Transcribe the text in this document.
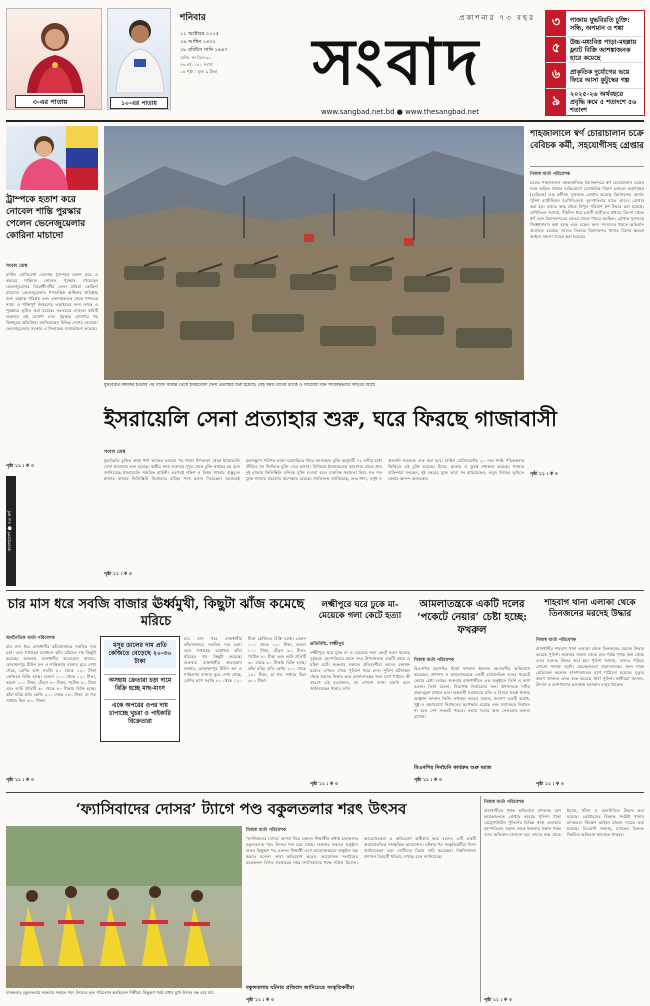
৩-এর পাতায়	১০-এর পাতায়
শনিবার
১১ অক্টোবর ২০২৫
২৬ আশ্বিন ১৪৩২
১৮ রবিউস সানি ১৪৪৭
রেজি. নং ডিএ-৯১
৭৬ বর্ষ, ১৮১ সংখ্যা
১৬ পৃষ্ঠা : মূল্য ৯ টাকা
প্রকাশনার ৭৩ বছর
সংবাদ
www.sangbad.net.bd ● www.thesangbad.net
৩	গাজায় যুদ্ধবিরতি চুক্তি: সন্ধি, অপমান ও শঙ্কা
৫	উচ্চ-মধ্যবিত্ত পাড়া-মহল্লায় ফ্ল্যাট বিক্রি আশঙ্কাজনক হারে কমেছে
৬	প্রাকৃতিক দুর্যোগের ভয়ে ফিরে আসা কুটুম্বের গল্প
৯	২০২৫-২৬ অর্থবছরে প্রবৃদ্ধি কমে ৫ শতাংশে ৫৬ শতাংশ
ট্রাম্পকে হতাশ করে নোবেল শান্তি পুরস্কার পেলেন ভেনেজুয়েলার কোরিনা মাচাদো
সংবাদ ডেস্ক
মার্কিন প্রেসিডেন্ট ডোনাল্ড ট্রাম্পকে হতাশ করে এ বছরের শান্তিতে নোবেল পুরস্কার পেয়েছেন ভেনেজুয়েলার বিরোধীদলীয় নেতা মারিয়া কোরিনা মাচাদো। ভেনেজুয়েলায় গণতান্ত্রিক অধিকার প্রতিষ্ঠার জন্য অক্লান্ত পরিশ্রম এবং একনায়কতন্ত্র থেকে গণতন্ত্রে ন্যায্য ও শান্তিপূর্ণ উত্তরণের লড়াইয়ের জন্য তাকে এ পুরস্কারে ভূষিত করা হয়েছে। নরওয়ের নোবেল কমিটি শুক্রবার এই ঘোষণা দেয়। পুরস্কার ঘোষণার পর বিশ্বজুড়ে প্রতিক্রিয়া জানিয়েছেন বিভিন্ন দেশের নেতারা। ভেনেজুয়েলার সরকার এ সিদ্ধান্তের সমালোচনা করেছে।
পৃষ্ঠা ১১ : ক ৩
যুদ্ধবিরতি কার্যকর হওয়ার পর গাজা সীমান্ত থেকে ইসরায়েলি সেনা প্রত্যাহার শুরু হয়েছে। সেই সময় তাদের ট্যাংক ও সাঁজোয়া যান সারিবদ্ধভাবে দাঁড়িয়ে আছে
শাহজালালে স্বর্ণ চোরাচালান চক্রে বেবিচক কর্মী, সহযোগীসহ গ্রেপ্তার
নিজস্ব বার্তা পরিবেশক
হযরত শাহজালাল আন্তর্জাতিক বিমানবন্দরে স্বর্ণ চোরাচালান চক্রের সঙ্গে জড়িত থাকার অভিযোগে বেসামরিক বিমান চলাচল কর্তৃপক্ষের (বেবিচক) এক কর্মীসহ দুজনকে গ্রেপ্তার করেছে বিমানবন্দর আর্মড পুলিশ ব্যাটালিয়ন (এপিবিএন)। বৃহস্পতিবার রাতে তাদের গ্রেপ্তার করা হয়। তাদের কাছ থেকে বিপুল পরিমাণ স্বর্ণ উদ্ধার করা হয়েছে। এপিবিএন জানায়, দীর্ঘদিন ধরে চক্রটি যাত্রীদের মাধ্যমে বিদেশ থেকে স্বর্ণ এনে বিমানবন্দরের ভেতর থেকে পাচার করছিল। গ্রেপ্তার দুজনকে জিজ্ঞাসাবাদ করা হচ্ছে এবং চক্রের অন্য সদস্যদের ধরতে অভিযান অব্যাহত রয়েছে। তাদের বিরুদ্ধে বিমানবন্দর থানায় বিশেষ ক্ষমতা আইনে মামলা দায়ের করা হয়েছে।
পৃষ্ঠা ১১ : ক ৩
ইসরায়েলি সেনা প্রত্যাহার শুরু, ঘরে ফিরছে গাজাবাসী
সংবাদ ডেস্ক
যুদ্ধবিরতি চুক্তির প্রথম ধাপ কার্যকর হওয়ার পর গাজা উপত্যকা থেকে ইসরায়েলি সেনা প্রত্যাহার শুরু হয়েছে। স্থানীয় সময় শুক্রবার দুপুর থেকে চুক্তি কার্যকর হয় বলে জানিয়েছে ইসরায়েলি সামরিক বাহিনী। এরপরই দক্ষিণ ও উত্তর গাজায় বাস্তুচ্যুত হাজার হাজার ফিলিস্তিনি নিজেদের বাড়ির পথে রওনা দিয়েছেন। অনেকেই ধ্বংসস্তূপে পরিণত হওয়া ঘরবাড়িতে ফিরে আসছেন। চুক্তি অনুযায়ী ৭২ ঘণ্টার মধ্যে জীবিত সব জিম্মিকে মুক্তি দেবে হামাস। বিনিময়ে ইসরায়েলের কারাগার থেকে প্রায় দুই হাজার ফিলিস্তিনি বন্দিকে মুক্তি দেওয়া হবে। মানবিক সহায়তা নিয়ে শত শত ট্রাক গাজায় প্রবেশের অপেক্ষায় রয়েছে। জাতিসংঘ জানিয়েছে, দ্রুত খাদ্য, ওষুধ ও জ্বালানি সরবরাহ শুরু করা হবে। মার্কিন প্রেসিডেন্টের ২০ দফা শান্তি পরিকল্পনার ভিত্তিতে এই চুক্তি হয়েছে। মিসর, কাতার ও তুরস্ক মধ্যস্থতা করেছে। গাজার বাসিন্দারা বলছেন, দুই বছরের যুদ্ধে তারা সব হারিয়েছেন, তবুও নিজের ভূমিতে ফেরার আনন্দ অন্যরকম।
পৃষ্ঠা ১১ : ক ৩
বাংলাদেশ ● ৭৬ বর্ষ
চার মাস ধরে সবজি বাজার ঊর্ধ্বমুখী, কিছুটা ঝাঁজ কমেছে মরিচে
অর্থনৈতিক বার্তা পরিবেশক
চার মাস ধরে রাজধানীর কাঁচাবাজারে সবজির দাম চড়া। তবে সপ্তাহের ব্যবধানে কাঁচা মরিচের দাম কিছুটা কমেছে। শুক্রবার রাজধানীর কারওয়ান বাজার, মোহাম্মদপুর টাউন হল ও শান্তিনগর বাজার ঘুরে দেখা গেছে, বেশির ভাগ সবজি ৮০ থেকে ১২০ টাকা কেজিতে বিক্রি হচ্ছে। বেগুন ১০০ থেকে ১২০ টাকা, করলা ১০০ টাকা, ঢেঁড়স ৮০ টাকা, পটোল ৮০ টাকা এবং লাউ প্রতিটি ৬০ থেকে ৮০ টাকায় বিক্রি হচ্ছে। কাঁচা মরিচ প্রতি কেজি ২০০ থেকে ২৪০ টাকা, যা গত সপ্তাহে ছিল ৩০০ টাকা।
পৃষ্ঠা ১১ : ক ৩
মসুর ডালের দাম প্রতি কেজিতে বেড়েছে ২০-৩০ টাকা
অসহায় ক্রেতারা চড়া দামে বিক্রি হচ্ছে মাছ-মাংস
একে অপরের ওপর দায় চাপাচ্ছে খুচরা ও পাইকারি বিক্রেতারা
চার মাস ধরে রাজধানীর কাঁচাবাজারে সবজির দাম চড়া। তবে সপ্তাহের ব্যবধানে কাঁচা মরিচের দাম কিছুটা কমেছে। শুক্রবার রাজধানীর কারওয়ান বাজার, মোহাম্মদপুর টাউন হল ও শান্তিনগর বাজার ঘুরে দেখা গেছে, বেশির ভাগ সবজি ৮০ থেকে ১২০ টাকা কেজিতে বিক্রি হচ্ছে। বেগুন ১০০ থেকে ১২০ টাকা, করলা ১০০ টাকা, ঢেঁড়স ৮০ টাকা, পটোল ৮০ টাকা এবং লাউ প্রতিটি ৬০ থেকে ৮০ টাকায় বিক্রি হচ্ছে। কাঁচা মরিচ প্রতি কেজি ২০০ থেকে ২৪০ টাকা, যা গত সপ্তাহে ছিল ৩০০ টাকা।
লক্ষ্মীপুরে ঘরে ঢুকে মা-মেয়েকে গলা কেটে হত্যা
প্রতিনিধি, লক্ষ্মীপুর
লক্ষ্মীপুরে ঘরে ঢুকে মা ও মেয়েকে গলা কেটে হত্যা করেছে দুর্বৃত্তরা। বৃহস্পতিবার রাতে সদর উপজেলার একটি গ্রামে এ ঘটনা ঘটে। শুক্রবার সকালে প্রতিবেশীরা তাদের রক্তাক্ত মরদেহ দেখতে পেয়ে পুলিশে খবর দেন। পুলিশ ঘটনাস্থল থেকে মরদেহ উদ্ধার করে ময়নাতদন্তের জন্য মর্গে পাঠায়। কী কারণে এই হত্যাকাণ্ড, তা এখনো জানা যায়নি বলে জানিয়েছেন থানার ওসি।
পৃষ্ঠা ১১ : ক ৩
আমলাতন্ত্রকে একটি দলের ‘পকেটে নেয়ার’ চেষ্টা হচ্ছে: ফখরুল
নিজস্ব বার্তা পরিবেশক
বিএনপির মহাসচিব মির্জা ফখরুল ইসলাম আলমগীর অভিযোগ করেছেন, প্রশাসন ও আমলাতন্ত্রকে একটি রাজনৈতিক দলের পকেটে নেয়ার চেষ্টা চলছে। শুক্রবার রাজধানীতে এক অনুষ্ঠানে তিনি এ কথা বলেন। তিনি বলেন, নিরপেক্ষ নির্বাচনের জন্য প্রশাসনকে দলীয় প্রভাবমুক্ত রাখতে হবে। অন্তর্বর্তী সরকারের প্রতি এ বিষয়ে সতর্ক থাকার আহ্বান জানান তিনি। ফখরুল আরও বলেন, জনগণ একটি অবাধ, সুষ্ঠু ও গ্রহণযোগ্য নির্বাচনের অপেক্ষায় রয়েছে এবং যথাসময়ে নির্বাচন না হলে দেশ সংকটে পড়বে। সভায় দলের অন্য নেতারাও বক্তব্য রাখেন।
বিএনপির নির্বাচনি কার্যক্রম শুরু আজ
পৃষ্ঠা ১১ : ক ৩
শাহবাগ থানা এলাকা থেকে তিনজনের মরদেহ উদ্ধার
নিজস্ব বার্তা পরিবেশক
রাজধানীর শাহবাগ থানা এলাকা থেকে তিনজনের মরদেহ উদ্ধার করেছে পুলিশ। শুক্রবার সকাল থেকে রাত পর্যন্ত পৃথক স্থান থেকে এসব মরদেহ উদ্ধার করা হয়। পুলিশ জানায়, তাদের পরিচয় এখনো শনাক্ত হয়নি। মরদেহগুলো ময়নাতদন্তের জন্য ঢাকা মেডিকেল কলেজ হাসপাতালের মর্গে পাঠানো হয়েছে। মৃত্যুর কারণ জানতে তদন্ত শুরু করেছে থানা পুলিশ। স্থানীয়রা জানান, উদ্যান ও আশপাশের এলাকায় ভাসমান মানুষ থাকেন।
পৃষ্ঠা ১১ : ক ৩
‘ফ্যাসিবাদের দোসর’ ট্যাগে পণ্ড বকুলতলার শরৎ উৎসব
চারুকলার বকুলতলায় শুক্রবার সকালে শরৎ উৎসবে নৃত্য পরিবেশন করছিলেন শিল্পীরা। কিছুক্ষণ পরই বাধার মুখে উৎসব বন্ধ হয়ে যায়
নিজস্ব বার্তা পরিবেশক
‘ফ্যাসিবাদের দোসর’ আখ্যা দিয়ে একদল শিক্ষার্থীর বাধায় চারুকলার বকুলতলায় শরৎ উৎসব পণ্ড হয়ে গেছে। শুক্রবার সকালে অনুষ্ঠান শুরুর কিছুক্ষণ পর একদল শিক্ষার্থী এসে আয়োজকদের অনুষ্ঠান বন্ধ করতে বলেন। তারা অভিযোগ করেন, আয়োজক সংগঠনের কয়েকজন বিগত সরকারের সময় ফ্যাসিবাদের পক্ষে সক্রিয় ছিলেন। আয়োজকেরা এ অভিযোগ অস্বীকার করে বলেন, এটি একটি অরাজনৈতিক সাংস্কৃতিক আয়োজন। ঘটনার পর সংস্কৃতিকর্মীরা নিন্দা জানিয়েছেন এবং দোষীদের বিচার দাবি করেছেন। বিশ্ববিদ্যালয় প্রশাসন বিষয়টি খতিয়ে দেখছে বলে জানিয়েছে।
বকুলতলায় ঘটনার প্রতিবাদ জানিয়েছে সংস্কৃতিকর্মীরা
পৃষ্ঠা ১১ : ক ৩
নিজস্ব বার্তা পরিবেশক
রাজধানীতে পৃথক অভিযানে মাদকসহ বেশ কয়েকজনকে গ্রেপ্তার করেছে পুলিশ। ঢাকা মেট্রোপলিটন পুলিশের বিভিন্ন থানা এলাকায় বৃহস্পতিবার সকাল থেকে শুক্রবার সকাল পর্যন্ত এসব অভিযান চালানো হয়। তাদের কাছ থেকে ইয়াবা, গাঁজা ও ফেনসিডিল উদ্ধার করা হয়েছে। গ্রেপ্তারদের বিরুদ্ধে সংশ্লিষ্ট থানায় মাদকদ্রব্য নিয়ন্ত্রণ আইনে মামলা দায়ের করা হয়েছে। ডিএমপি জানায়, মাদকের বিরুদ্ধে নিয়মিত অভিযান অব্যাহত থাকবে।
পৃষ্ঠা ১১ : ক ৩
